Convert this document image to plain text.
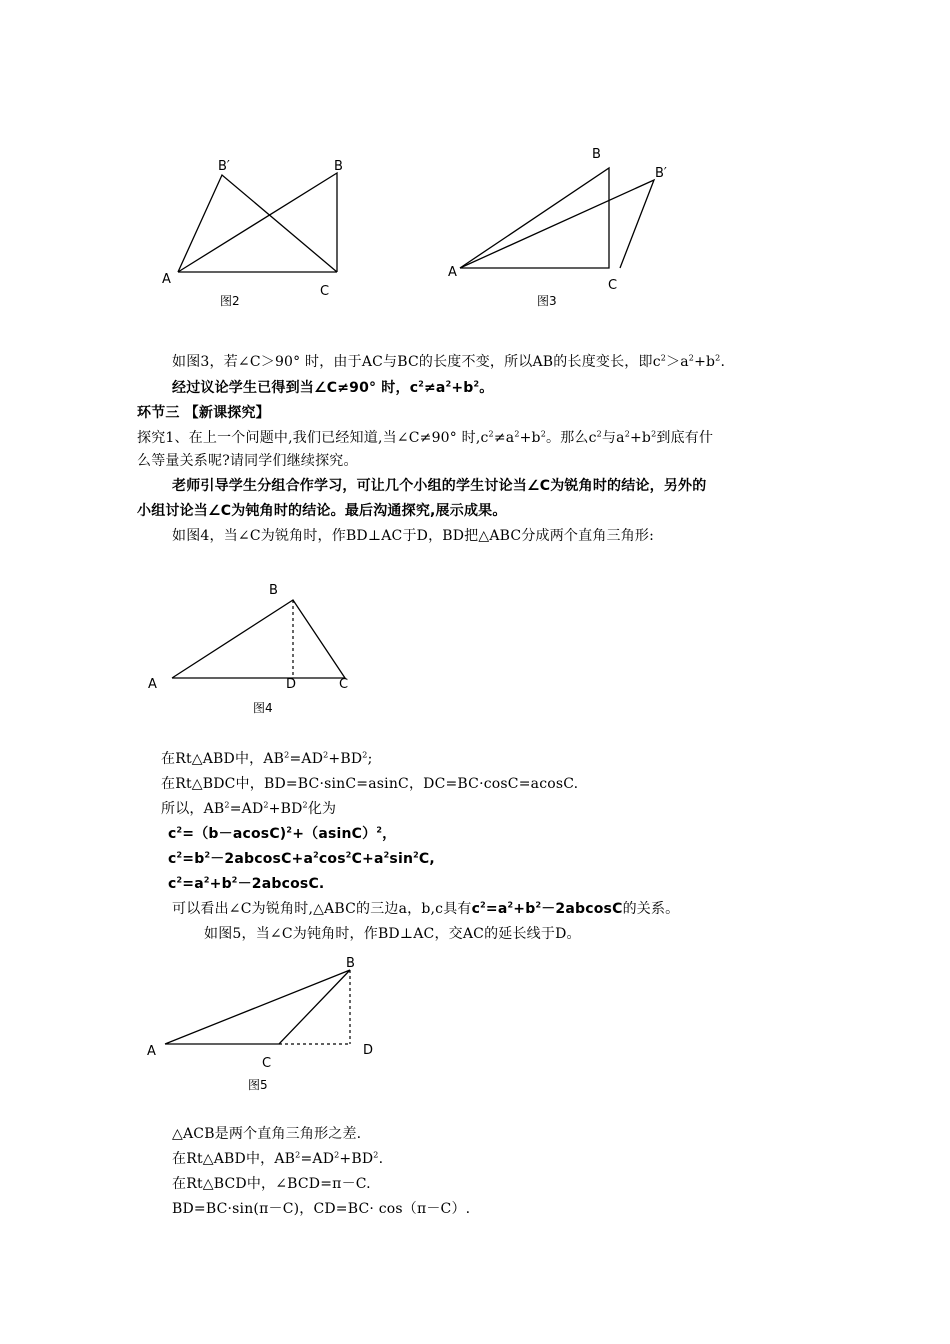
B′	B
A
C
图2
B
B′
A
C
图3
如图3，若∠C＞90° 时，由于AC与BC的长度不变，所以AB的长度变长，即$c^2>a^2+b^2$.
经过议论学生已得到当∠C≠90° 时，$c^2\ne a^2+b^2$。
环节三 【新课探究】
探究1、在上一个问题中,我们已经知道,当∠C≠90° 时$,c^2\ne a^2+b^2$。那么$c^2$与$a^2+b^2$到底有什
么等量关系呢?请同学们继续探究。
老师引导学生分组合作学习，可让几个小组的学生讨论当∠C为锐角时的结论，另外的
小组讨论当∠C为钝角时的结论。最后沟通探究,展示成果。
如图4，当∠C为锐角时，作BD⊥AC于D，BD把△ABC分成两个直角三角形:
B
A	D	C
图4
在Rt△ABD中，$AB^2=AD^2+BD^2$;
在Rt△BDC中，BD=BC·sinC=asinC，DC=BC·cosC=acosC.
所以，$AB^2=AD^2+BD^2$化为
$c^2=(b-acosC)^2+(asinC)^2$，
$c^2=b^2-2abcosC+a^2\cos^2C+a^2\sin^2C$,
$c^2=a^2+b^2-2abcosC$.
可以看出∠C为锐角时,△ABC的三边a，b,c具有$c^2=a^2+b^2-2abcosC$的关系。
如图5，当∠C为钝角时，作BD⊥AC，交AC的延长线于D。
B
A
C
D
图5
△ACB是两个直角三角形之差.
在Rt△ABD中，$AB^2=AD^2+BD^2$.
在Rt△BCD中，∠BCD=π－C.
BD=BC·sin(π－C)，CD=BC· cos（π－C）.
